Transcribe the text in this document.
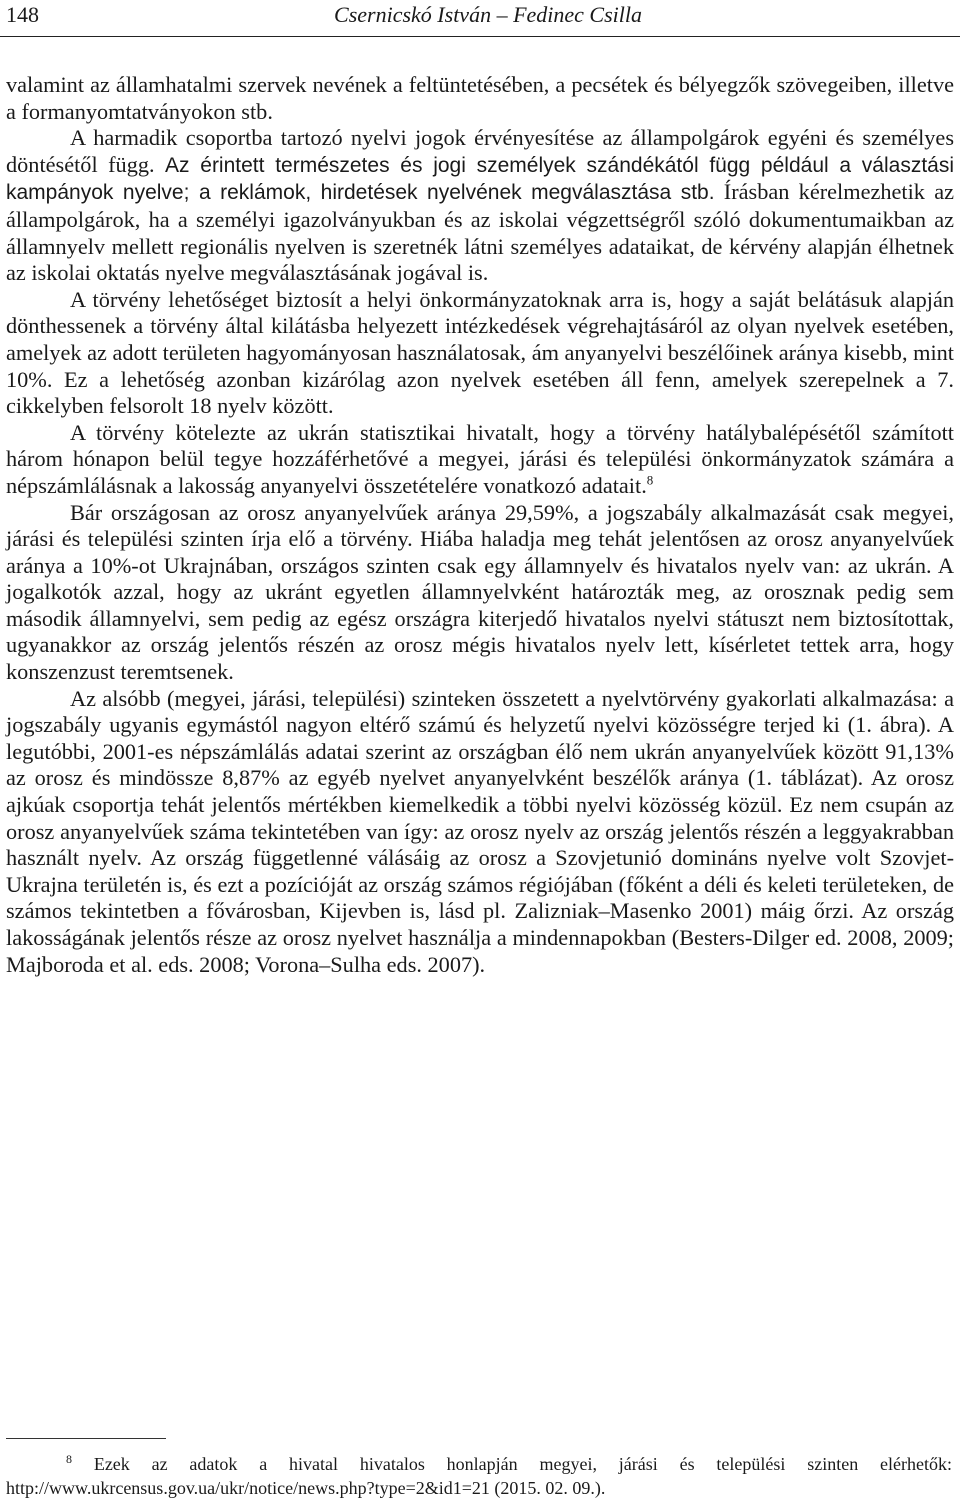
148	Csernicskó István – Fedinec Csilla

valamint az államhatalmi szervek nevének a feltüntetésében, a pecsétek és bélyegzők szövegeiben, illetve a formanyomtatványokon stb.

A harmadik csoportba tartozó nyelvi jogok érvényesítése az állampolgárok egyéni és személyes döntésétől függ. Az érintett természetes és jogi személyek szándékától függ például a választási kampányok nyelve; a reklámok, hirdetések nyelvének megválasztása stb. Írásban kérelmezhetik az állampolgárok, ha a személyi igazolványukban és az iskolai végzettségről szóló dokumentumaikban az államnyelv mellett regionális nyelven is szeretnék látni személyes adataikat, de kérvény alapján élhetnek az iskolai oktatás nyelve megválasztásának jogával is.

A törvény lehetőséget biztosít a helyi önkormányzatoknak arra is, hogy a saját belátásuk alapján dönthessenek a törvény által kilátásba helyezett intézkedések végrehajtásáról az olyan nyelvek esetében, amelyek az adott területen hagyományosan használatosak, ám anyanyelvi beszélőinek aránya kisebb, mint 10%. Ez a lehetőség azonban kizárólag azon nyelvek esetében áll fenn, amelyek szerepelnek a 7. cikkelyben felsorolt 18 nyelv között.

A törvény kötelezte az ukrán statisztikai hivatalt, hogy a törvény hatálybalépésétől számított három hónapon belül tegye hozzáférhetővé a megyei, járási és települési önkormányzatok számára a népszámlálásnak a lakosság anyanyelvi összetételére vonatkozó adatait.$^8$

Bár országosan az orosz anyanyelvűek aránya 29,59%, a jogszabály alkalmazását csak megyei, járási és települési szinten írja elő a törvény. Hiába haladja meg tehát jelentősen az orosz anyanyelvűek aránya a 10%-ot Ukrajnában, országos szinten csak egy államnyelv és hivatalos nyelv van: az ukrán. A jogalkotók azzal, hogy az ukránt egyetlen államnyelvként határozták meg, az orosznak pedig sem második államnyelvi, sem pedig az egész országra kiterjedő hivatalos nyelvi státuszt nem biztosítottak, ugyanakkor az ország jelentős részén az orosz mégis hivatalos nyelv lett, kísérletet tettek arra, hogy konszenzust teremtsenek.

Az alsóbb (megyei, járási, települési) szinteken összetett a nyelvtörvény gyakorlati alkalmazása: a jogszabály ugyanis egymástól nagyon eltérő számú és helyzetű nyelvi közösségre terjed ki (1. ábra). A legutóbbi, 2001-es népszámlálás adatai szerint az országban élő nem ukrán anyanyelvűek között 91,13% az orosz és mindössze 8,87% az egyéb nyelvet anyanyelvként beszélők aránya (1. táblázat). Az orosz ajkúak csoportja tehát jelentős mértékben kiemelkedik a többi nyelvi közösség közül. Ez nem csupán az orosz anyanyelvűek száma tekintetében van így: az orosz nyelv az ország jelentős részén a leggyakrabban használt nyelv. Az ország függetlenné válásáig az orosz a Szovjetunió domináns nyelve volt Szovjet-Ukrajna területén is, és ezt a pozícióját az ország számos régiójában (főként a déli és keleti területeken, de számos tekintetben a fővárosban, Kijevben is, lásd pl. Zalizniak–Masenko 2001) máig őrzi. Az ország lakosságának jelentős része az orosz nyelvet használja a mindennapokban (Besters-Dilger ed. 2008, 2009; Majboroda et al. eds. 2008; Vorona–Sulha eds. 2007).

$^8$ Ezek az adatok a hivatal hivatalos honlapján megyei, járási és települési szinten elérhetők: http://www.ukrcensus.gov.ua/ukr/notice/news.php?type=2&id1=21 (2015. 02. 09.).
